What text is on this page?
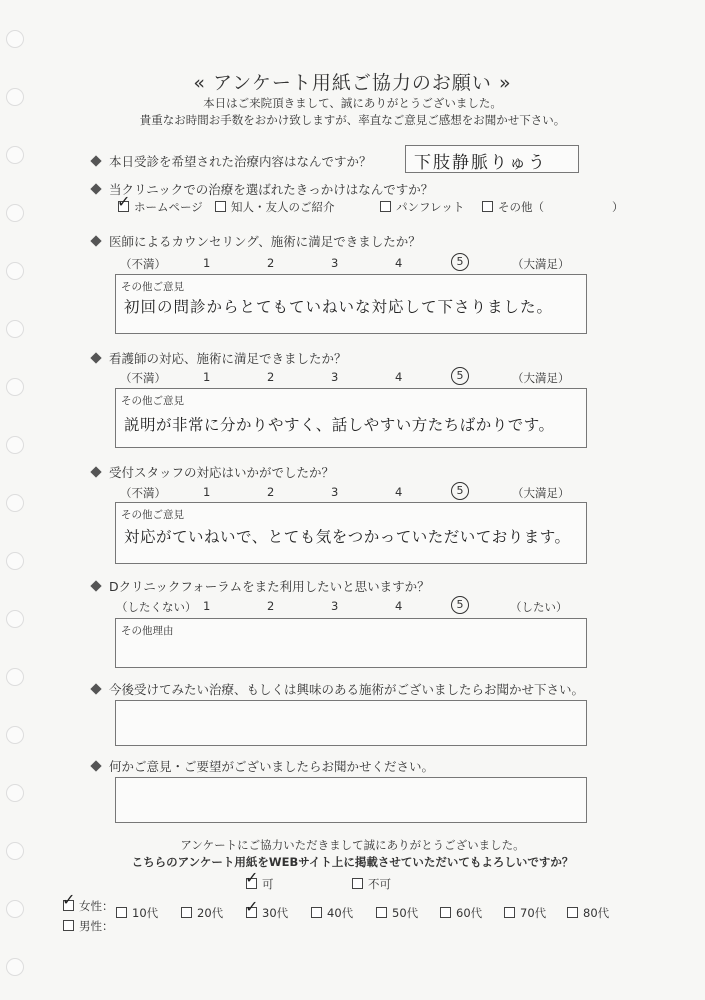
« アンケート用紙ご協力のお願い »
本日はご来院頂きまして、誠にありがとうございました。
貴重なお時間お手数をおかけ致しますが、率直なご意見ご感想をお聞かせ下さい。
本日受診を希望された治療内容はなんですか？ 下肢静脈りゅう
当クリニックでの治療を選ばれたきっかけはなんですか？
ホームページ
✓	知人・友人のご紹介	パンフレット	その他（	）
医師によるカウンセリング、施術に満足できましたか？
（不満）	1	2	3	4	5	（大満足）
その他ご意見
初回の問診からとてもていねいな対応して下さりました。
看護師の対応、施術に満足できましたか？
（不満）	1	2	3	4	5	（大満足）
その他ご意見
説明が非常に分かりやすく、話しやすい方たちばかりです。
受付スタッフの対応はいかがでしたか？
（不満）	1	2	3	4	5	（大満足）
その他ご意見
対応がていねいで、とても気をつかっていただいております。
Dクリニックフォーラムをまた利用したいと思いますか？
（したくない） 1	2	3	4	5	（したい）
その他理由
今後受けてみたい治療、もしくは興味のある施術がございましたらお聞かせ下さい。
何かご意見・ご要望がございましたらお聞かせください。
アンケートにご協力いただきまして誠にありがとうございました。
こちらのアンケート用紙をWEBサイト上に掲載させていただいてもよろしいですか？
可
✓	不可
女性：
✓
男性：
10代	20代	30代
✓	40代	50代	60代	70代	80代
